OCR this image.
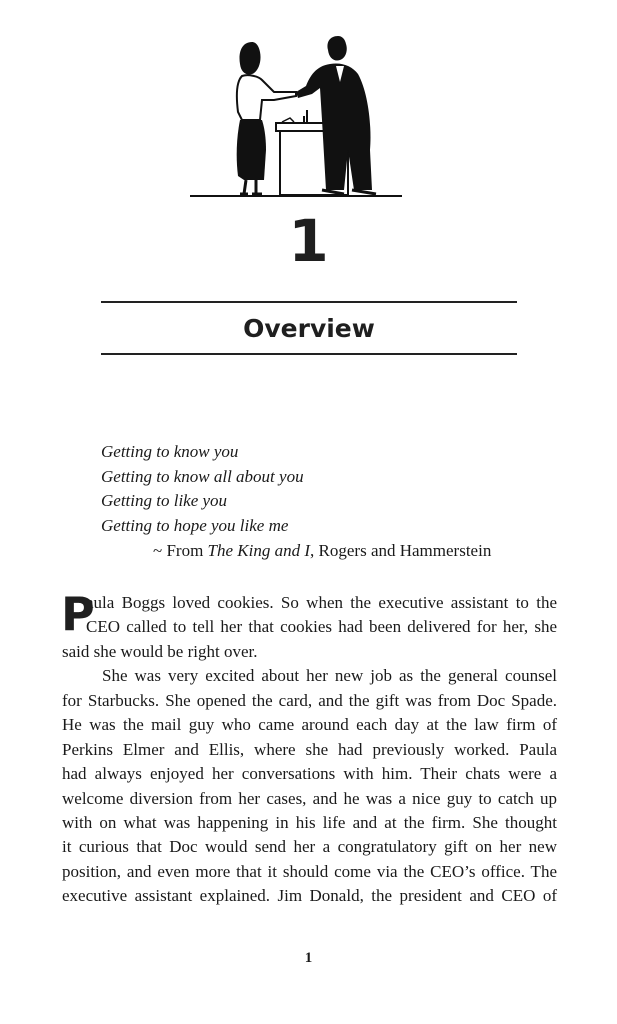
1
Overview
Getting to know you
Getting to know all about you
Getting to like you
Getting to hope you like me
~ From The King and I, Rogers and Hammerstein
P
aula Boggs loved cookies. So when the executive assistant to the
CEO called to tell her that cookies had been delivered for her, she
said she would be right over.
She was very excited about her new job as the general counsel
for Starbucks. She opened the card, and the gift was from Doc Spade.
He was the mail guy who came around each day at the law firm of
Perkins Elmer and Ellis, where she had previously worked. Paula
had always enjoyed her conversations with him. Their chats were a
welcome diversion from her cases, and he was a nice guy to catch up
with on what was happening in his life and at the firm. She thought
it curious that Doc would send her a congratulatory gift on her new
position, and even more that it should come via the CEO’s office. The
executive assistant explained. Jim Donald, the president and CEO of
1
